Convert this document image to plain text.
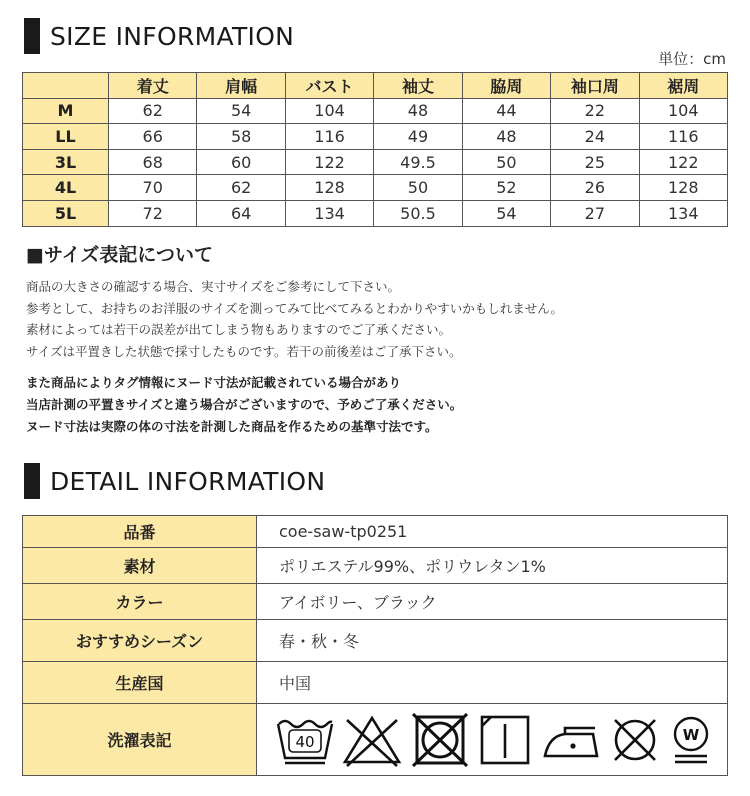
SIZE INFORMATION
単位：cm
	着丈	肩幅	バスト	袖丈	脇周	袖口周	裾周
M	62	54	104	48	44	22	104
LL	66	58	116	49	48	24	116
3L	68	60	122	49.5	50	25	122
4L	70	62	128	50	52	26	128
5L	72	64	134	50.5	54	27	134
■サイズ表記について
商品の大きさの確認する場合、実寸サイズをご参考にして下さい。
参考として、お持ちのお洋服のサイズを測ってみて比べてみるとわかりやすいかもしれません。
素材によっては若干の誤差が出てしまう物もありますのでご了承ください。
サイズは平置きした状態で採寸したものです。若干の前後差はご了承下さい。
また商品によりタグ情報にヌード寸法が記載されている場合があり
当店計測の平置きサイズと違う場合がございますので、予めご了承ください。
ヌード寸法は実際の体の寸法を計測した商品を作るための基準寸法です。
DETAIL INFORMATION
品番	coe-saw-tp0251
素材	ポリエステル99%、ポリウレタン1%
カラー	アイボリー、ブラック
おすすめシーズン	春・秋・冬
生産国	中国
洗濯表記	40 W
